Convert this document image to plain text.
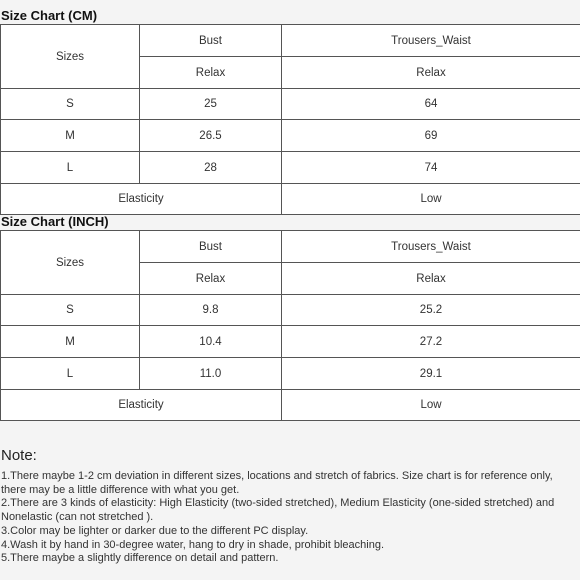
Size Chart (CM)
Sizes	Bust	Trousers_Waist
	Relax	Relax
S	25	64
M	26.5	69
L	28	74
Elasticity		Low
Size Chart (INCH)
Sizes	Bust	Trousers_Waist
	Relax	Relax
S	9.8	25.2
M	10.4	27.2
L	11.0	29.1
Elasticity		Low
Note:
1.There maybe 1-2 cm deviation in different sizes, locations and stretch of fabrics. Size chart is for reference only,
there may be a little difference with what you get.
2.There are 3 kinds of elasticity: High Elasticity (two-sided stretched), Medium Elasticity (one-sided stretched) and
Nonelastic (can not stretched ).
3.Color may be lighter or darker due to the different PC display.
4.Wash it by hand in 30-degree water, hang to dry in shade, prohibit bleaching.
5.There maybe a slightly difference on detail and pattern.
